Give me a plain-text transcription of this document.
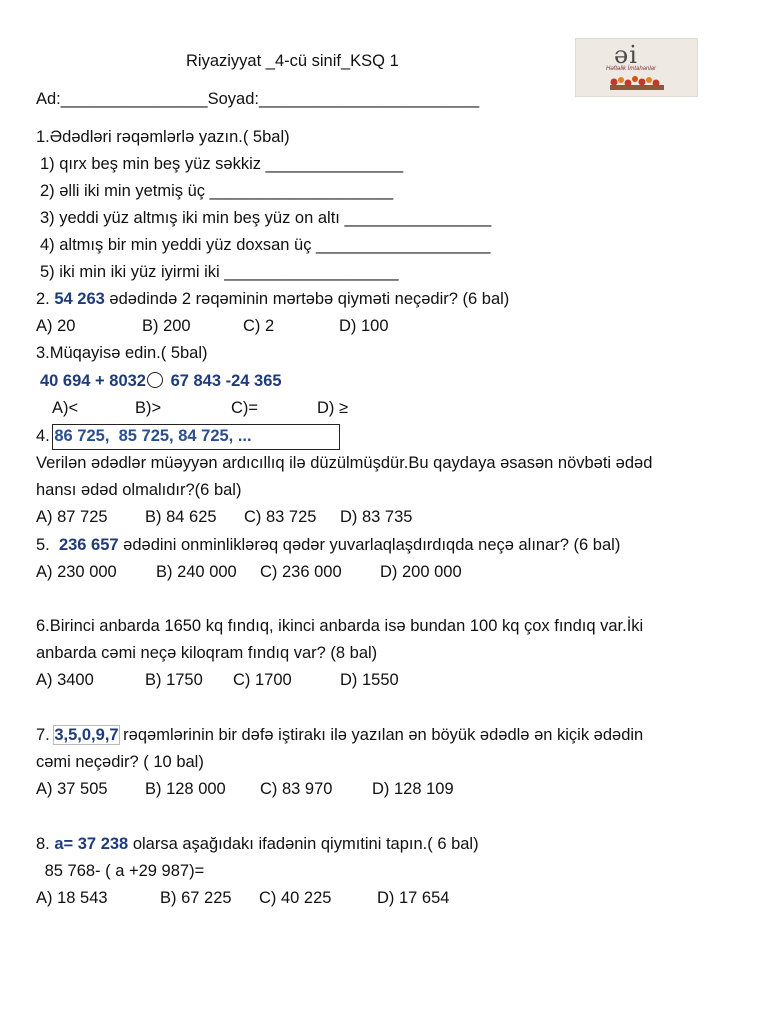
Riyaziyyat _4-cü sinif_KSQ 1	əi
Həftəlik İmtahanlar
Ad:________________Soyad:________________________
1.Ədədləri rəqəmlərlə yazın.( 5bal)
1) qırx beş min beş yüz səkkiz _______________
2) əlli iki min yetmiş üç ____________________
3) yeddi yüz altmış iki min beş yüz on altı ________________
4) altmış bir min yeddi yüz doxsan üç ___________________
5) iki min iki yüz iyirmi iki ___________________
2. 54 263 ədədində 2 rəqəminin mərtəbə qiyməti neçədir? (6 bal)
A) 20	B) 200	C) 2	D) 100
3.Müqayisə edin.( 5bal)
40 694 + 8032 67 843 -24 365
A)<	B)>	C)=	D) ≥
4. 86 725,  85 725, 84 725, ...
Verilən ədədlər müəyyən ardıcıllıq ilə düzülmüşdür.Bu qaydaya əsasən növbəti ədəd
hansı ədəd olmalıdır?(6 bal)
A) 87 725 B) 84 625 C) 83 725 D) 83 735
5.  236 657 ədədini onminliklərəq qədər yuvarlaqlaşdırdıqda neçə alınar? (6 bal)
A) 230 000 B) 240 000 C) 236 000 D) 200 000
6.Birinci anbarda 1650 kq fındıq, ikinci anbarda isə bundan 100 kq çox fındıq var.İki
anbarda cəmi neçə kiloqram fındıq var? (8 bal)
A) 3400	B) 1750 C) 1700	D) 1550
7. 3,5,0,9,7 rəqəmlərinin bir dəfə iştirakı ilə yazılan ən böyük ədədlə ən kiçik ədədin
cəmi neçədir? ( 10 bal)
A) 37 505 B) 128 000 C) 83 970 D) 128 109
8. a= 37 238 olarsa aşağıdakı ifadənin qiymıtini tapın.( 6 bal)
85 768- ( a +29 987)=
A) 18 543	B) 67 225 C) 40 225	D) 17 654
